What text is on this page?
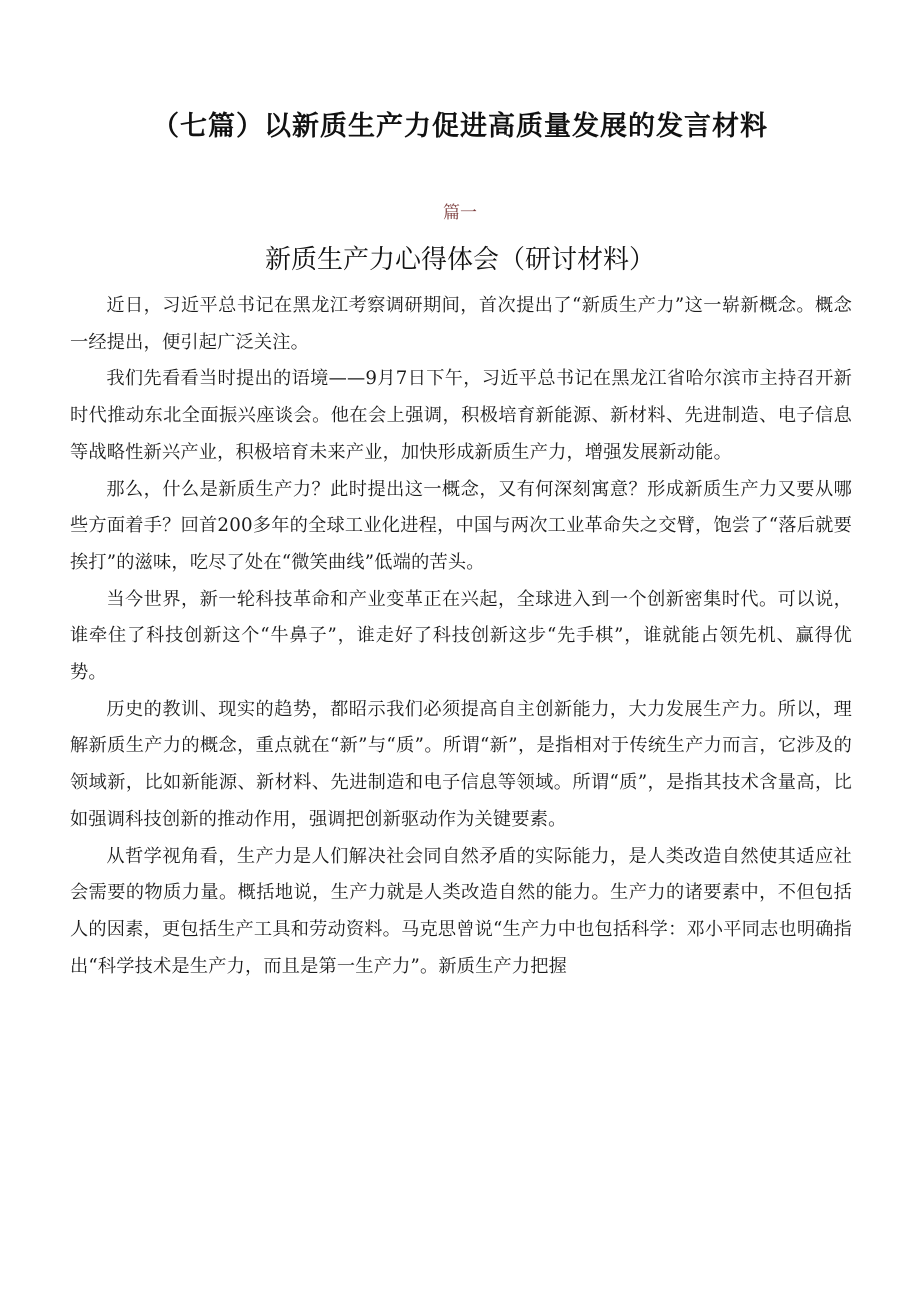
（七篇）以新质生产力促进高质量发展的发言材料
篇一
新质生产力心得体会（研讨材料）

近日，习近平总书记在黑龙江考察调研期间，首次提出了“新质生产力”这一崭新概念。概念一经提出，便引起广泛关注。

我们先看看当时提出的语境——9月7日下午，习近平总书记在黑龙江省哈尔滨市主持召开新时代推动东北全面振兴座谈会。他在会上强调，积极培育新能源、新材料、先进制造、电子信息等战略性新兴产业，积极培育未来产业，加快形成新质生产力，增强发展新动能。

那么，什么是新质生产力？此时提出这一概念，又有何深刻寓意？形成新质生产力又要从哪些方面着手？回首200多年的全球工业化进程，中国与两次工业革命失之交臂，饱尝了“落后就要挨打”的滋味，吃尽了处在“微笑曲线”低端的苦头。

当今世界，新一轮科技革命和产业变革正在兴起，全球进入到一个创新密集时代。可以说，谁牵住了科技创新这个“牛鼻子”，谁走好了科技创新这步“先手棋”，谁就能占领先机、赢得优势。

历史的教训、现实的趋势，都昭示我们必须提高自主创新能力，大力发展生产力。所以，理解新质生产力的概念，重点就在“新”与“质”。所谓“新”，是指相对于传统生产力而言，它涉及的领域新，比如新能源、新材料、先进制造和电子信息等领域。所谓“质”，是指其技术含量高，比如强调科技创新的推动作用，强调把创新驱动作为关键要素。

从哲学视角看，生产力是人们解决社会同自然矛盾的实际能力，是人类改造自然使其适应社会需要的物质力量。概括地说，生产力就是人类改造自然的能力。生产力的诸要素中，不但包括人的因素，更包括生产工具和劳动资料。马克思曾说“生产力中也包括科学：邓小平同志也明确指出“科学技术是生产力，而且是第一生产力”。新质生产力把握
